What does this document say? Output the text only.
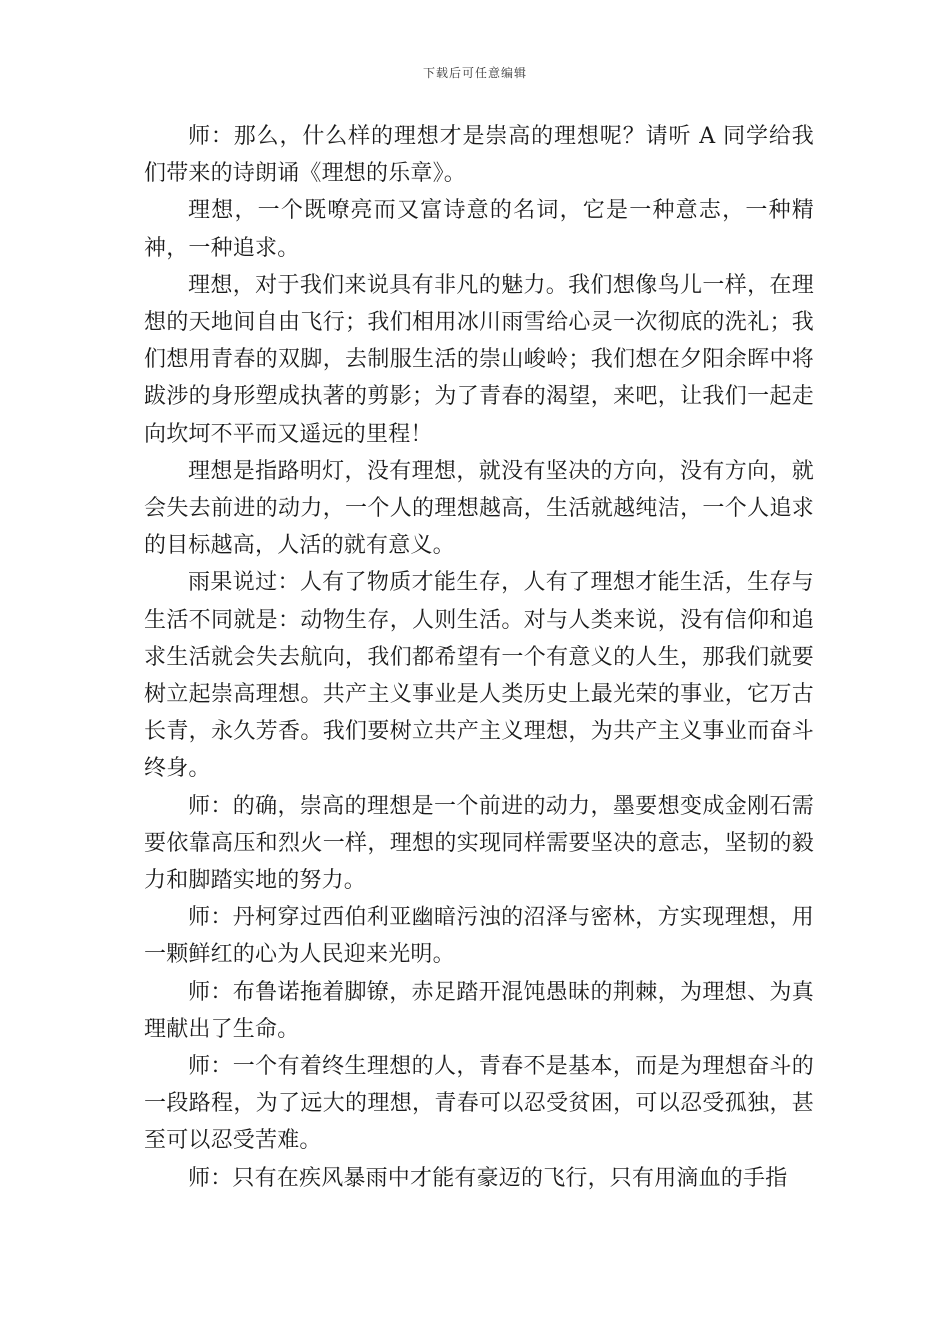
下载后可任意编辑

师：那么，什么样的理想才是崇高的理想呢？请听 A 同学给我们带来的诗朗诵《理想的乐章》。

理想，一个既嘹亮而又富诗意的名词，它是一种意志，一种精神，一种追求。

理想，对于我们来说具有非凡的魅力。我们想像鸟儿一样，在理想的天地间自由飞行；我们相用冰川雨雪给心灵一次彻底的洗礼；我们想用青春的双脚，去制服生活的崇山峻岭；我们想在夕阳余晖中将跋涉的身形塑成执著的剪影；为了青春的渴望，来吧，让我们一起走向坎坷不平而又遥远的里程！

理想是指路明灯，没有理想，就没有坚决的方向，没有方向，就会失去前进的动力，一个人的理想越高，生活就越纯洁，一个人追求的目标越高，人活的就有意义。

雨果说过：人有了物质才能生存，人有了理想才能生活，生存与生活不同就是：动物生存，人则生活。对与人类来说，没有信仰和追求生活就会失去航向，我们都希望有一个有意义的人生，那我们就要树立起崇高理想。共产主义事业是人类历史上最光荣的事业，它万古长青，永久芳香。我们要树立共产主义理想，为共产主义事业而奋斗终身。

师：的确，崇高的理想是一个前进的动力，墨要想变成金刚石需要依靠高压和烈火一样，理想的实现同样需要坚决的意志，坚韧的毅力和脚踏实地的努力。

师：丹柯穿过西伯利亚幽暗污浊的沼泽与密林，方实现理想，用一颗鲜红的心为人民迎来光明。

师：布鲁诺拖着脚镣，赤足踏开混饨愚昧的荆棘，为理想、为真理献出了生命。

师：一个有着终生理想的人，青春不是基本，而是为理想奋斗的一段路程，为了远大的理想，青春可以忍受贫困，可以忍受孤独，甚至可以忍受苦难。

师：只有在疾风暴雨中才能有豪迈的飞行，只有用滴血的手指
